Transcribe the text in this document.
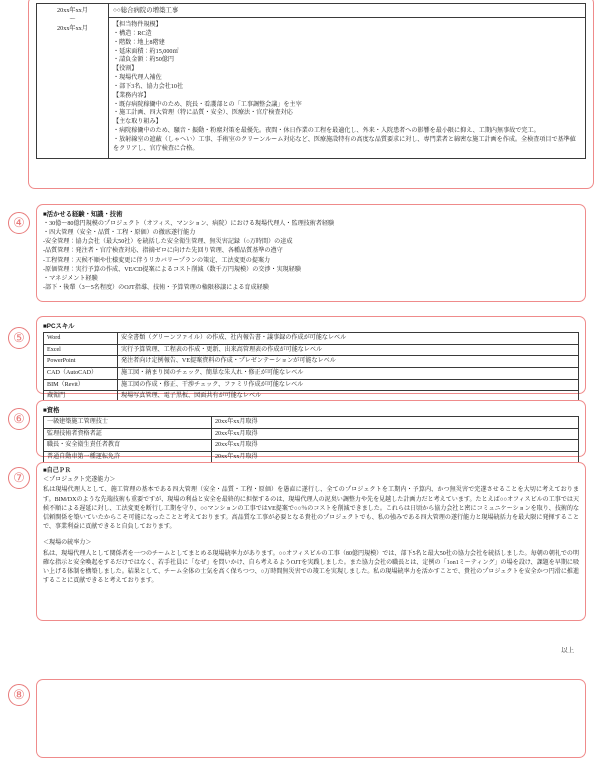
20xx年xx月
～
20xx年xx月
	○○総合病院の増築工事

【担当物件規模】

・構造：RC造

・階数：地上8階建

・延床面積：約15,000㎡

・請負金額：約50億円

【役割】

・現場代理人補佐

・部下3名、協力会社10社

【業務内容】

・既存病院稼働中のため、院長・看護部との「工事調整会議」を主宰

・施工計画、四大管理（特に品質・安全）、医療法・官庁検査対応

【主な取り組み】

・病院稼働中のため、騒音・振動・粉塵対策を最優先。夜間・休日作業の工程を最適化し、外来・入院患者への影響を最小限に抑え、工期内無事故で完工。

・放射線室の遮蔽（しゃへい）工事、手術室のクリーンルーム対応など、医療施設特有の高度な品質要求に対し、専門業者と綿密な施工計画を作成。全検査項目で基準値をクリアし、官庁検査に合格。

④

■活かせる経験・知識・技術

・30億～80億円規模のプロジェクト（オフィス、マンション、病院）における現場代理人・監理技術者経験

・四大管理（安全・品質・工程・原価）の徹底遂行能力

-安全管理：協力会社（最大50社）を統括した安全衛生管理、無災害記録（○万時間）の達成

-品質管理：発注者・官庁検査対応、指摘ゼロに向けた先回り管理、各種品質基準の遵守

-工程管理：天候不順や仕様変更に伴うリカバリープランの策定、工法変更の提案力

-原価管理：実行予算の作成、VE/CD提案によるコスト削減（数千万円規模）の交渉・実現経験

・マネジメント経験

-部下・後輩（3～5名程度）のOJT指導、技術・予算管理の権限移譲による育成経験

⑤

■PCスキル

Word	安全書類（グリーンファイル）の作成、社内報告書・議事録の作成が可能なレベル
Excel	実行予算管理、工程表の作成・更新、出来高管理表の作成が可能なレベル
PowerPoint	発注者向け定例報告、VE提案資料の作成・プレゼンテーションが可能なレベル
CAD（AutoCAD）	施工図・納まり図のチェック、簡単な朱入れ・修正が可能なレベル
BIM（Revit）	施工図の作成・修正、干渉チェック、ファミリ作成が可能なレベル
蔵衛門	現場写真管理、電子黒板、図面共有が可能なレベル
⑥

■資格

一級建築施工管理技士	20xx年xx月取得
監理技術者資格者証	20xx年xx月取得
職長・安全衛生責任者教育	20xx年xx月取得
普通自動車第一種運転免許	20xx年xx月取得
⑦	■自己ＰＲ

＜プロジェクト完遂能力＞

私は現場代理人として、施工管理の基本である四大管理（安全・品質・工程・原価）を愚直に遂行し、全てのプロジェクトを工期内・予算内、かつ無災害で完遂させることを大切に考えております。BIM/DXのような先端技術も重要ですが、現場の利益と安全を最終的に担保するのは、現場代理人の泥臭い調整力や先を見越した計画力だと考えています。たとえば○○オフィスビルの工事では天候不順による遅延に対し、工法変更を断行し工期を守り、○○マンションの工事ではVE提案で○○％のコストを削減できました。これらは日頃から協力会社と密にコミュニケーションを取り、技術的な信頼関係を築いていたからこそ可能になったことと考えております。高品質な工事が必要となる貴社のプロジェクトでも、私の強みである四大管理の遂行能力と現場統括力を最大限に発揮することで、事業利益に貢献できると自負しております。

＜現場の統率力＞

私は、現場代理人として関係者を一つのチームとしてまとめる現場統率力があります。○○オフィスビルの工事（80億円規模）では、部下5名と最大50社の協力会社を統括しました。毎朝の朝礼での明確な指示と安全喚起をするだけではなく、若手社員に「なぜ」を問いかけ、自ら考えるようOJTを実践しました。また協力会社の職長とは、定例の「1on1ミーティング」の場を設け、課題を早期に吸い上げる体制を構築しました。結果として、チーム全体の士気を高く保ちつつ、○万時間無災害での竣工を実現しました。私の現場統率力を活かすことで、貴社のプロジェクトを安全かつ円滑に推進することに貢献できると考えております。

以上
⑧
